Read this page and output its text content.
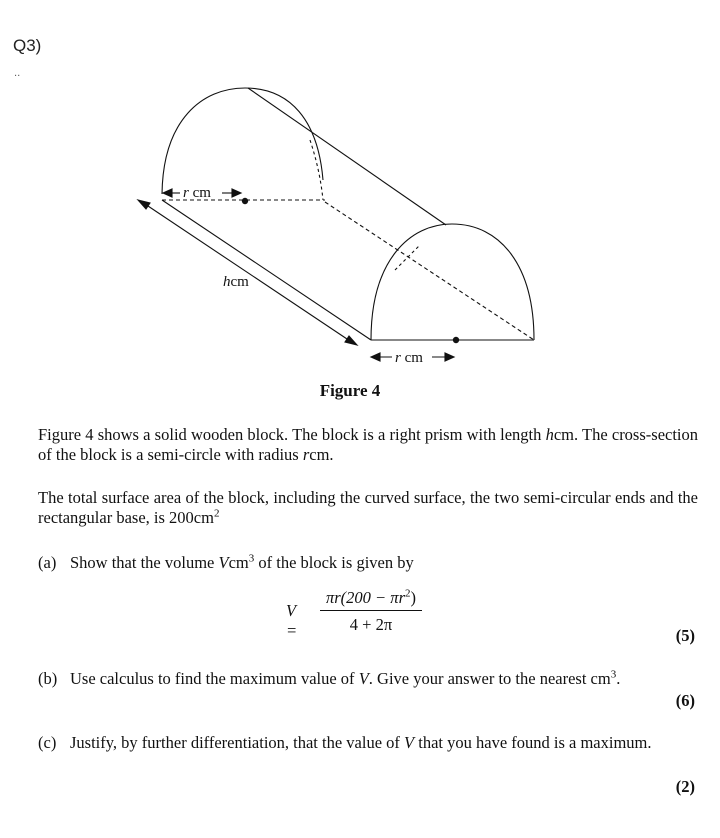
Q3)
..
r cm
hcm
r cm
Figure 4
Figure 4 shows a solid wooden block. The block is a right prism with length hcm. The cross-section of the block is a semi-circle with radius rcm.
The total surface area of the block, including the curved surface, the two semi-circular ends and the rectangular base, is $200cm^2$
(a) Show that the volume Vcm$^3$ of the block is given by
V =
$\pi r(200 - \pi r^2)$
4 + 2π
(5)
(b) Use calculus to find the maximum value of V. Give your answer to the nearest $cm^3$.
(6)
(c) Justify, by further differentiation, that the value of V that you have found is a maximum.
(2)
